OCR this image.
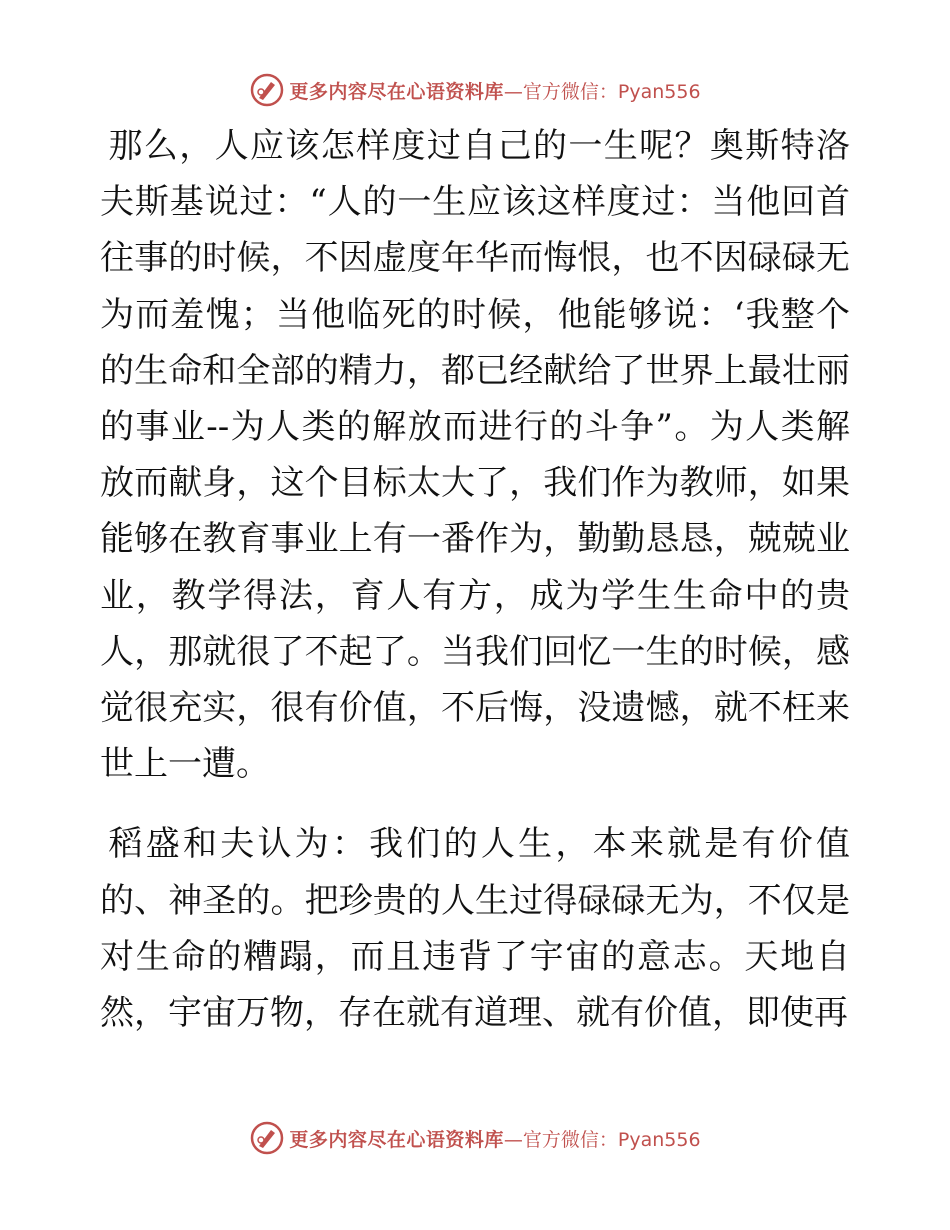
更多内容尽在心语资料库 —官方微信：Pyan556

那么，人应该怎样度过自己的一生呢？奥斯特洛夫斯基说过：“人的一生应该这样度过：当他回首往事的时候，不因虚度年华而悔恨，也不因碌碌无为而羞愧；当他临死的时候，他能够说：‘我整个的生命和全部的精力，都已经献给了世界上最壮丽的事业--为人类的解放而进行的斗争”。为人类解放而献身，这个目标太大了，我们作为教师，如果能够在教育事业上有一番作为，勤勤恳恳，兢兢业业，教学得法，育人有方，成为学生生命中的贵人，那就很了不起了。当我们回忆一生的时候，感觉很充实，很有价值，不后悔，没遗憾，就不枉来世上一遭。

稻盛和夫认为：我们的人生，本来就是有价值的、神圣的。把珍贵的人生过得碌碌无为，不仅是对生命的糟蹋，而且违背了宇宙的意志。天地自然，宇宙万物，存在就有道理、就有价值，即使再

更多内容尽在心语资料库 —官方微信：Pyan556
